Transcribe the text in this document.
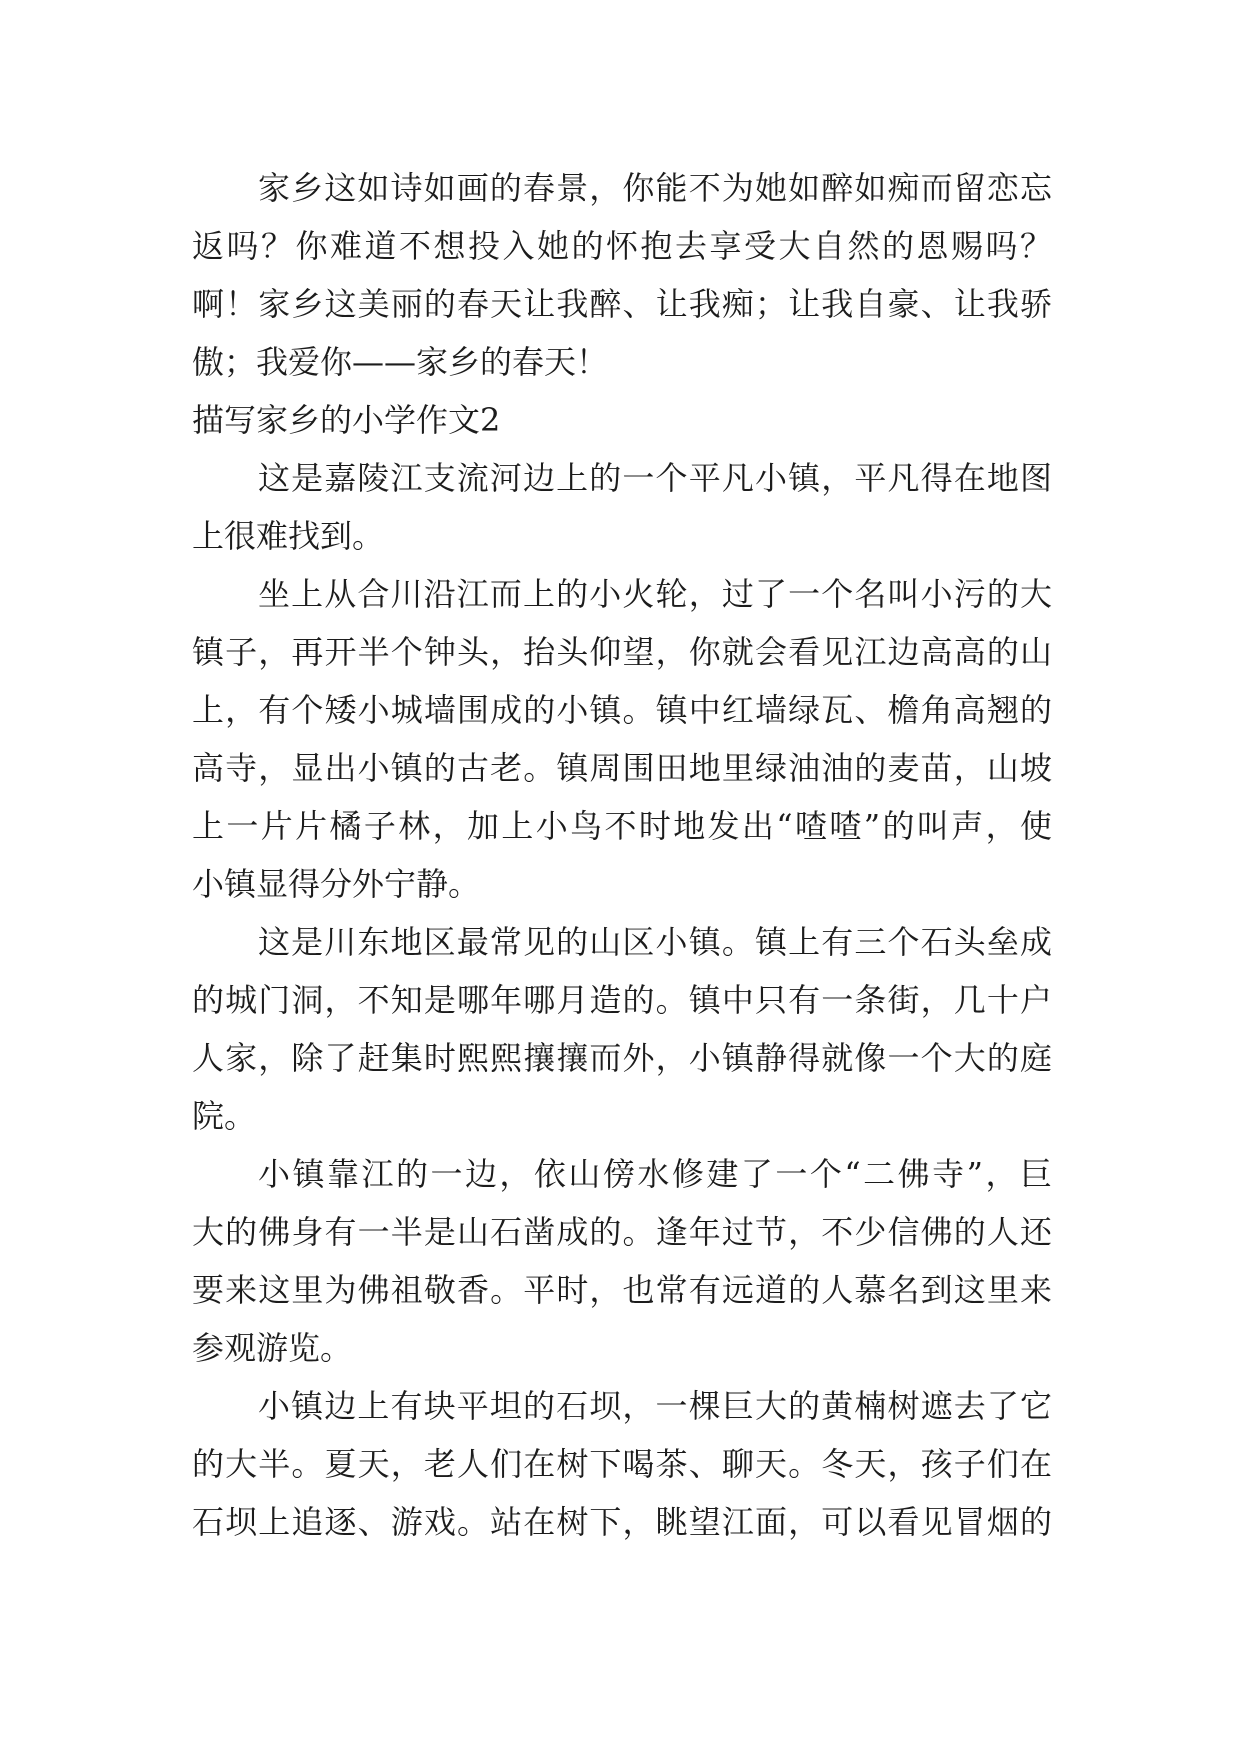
家乡这如诗如画的春景，你能不为她如醉如痴而留恋忘
返吗？你难道不想投入她的怀抱去享受大自然的恩赐吗？
啊！家乡这美丽的春天让我醉、让我痴；让我自豪、让我骄
傲；我爱你——家乡的春天！
描写家乡的小学作文2
这是嘉陵江支流河边上的一个平凡小镇，平凡得在地图
上很难找到。
坐上从合川沿江而上的小火轮，过了一个名叫小污的大
镇子，再开半个钟头，抬头仰望，你就会看见江边高高的山
上，有个矮小城墙围成的小镇。镇中红墙绿瓦、檐角高翘的
高寺，显出小镇的古老。镇周围田地里绿油油的麦苗，山坡
上一片片橘子林，加上小鸟不时地发出“喳喳”的叫声，使
小镇显得分外宁静。
这是川东地区最常见的山区小镇。镇上有三个石头垒成
的城门洞，不知是哪年哪月造的。镇中只有一条街，几十户
人家，除了赶集时熙熙攘攘而外，小镇静得就像一个大的庭
院。
小镇靠江的一边，依山傍水修建了一个“二佛寺”，巨
大的佛身有一半是山石凿成的。逢年过节，不少信佛的人还
要来这里为佛祖敬香。平时，也常有远道的人慕名到这里来
参观游览。
小镇边上有块平坦的石坝，一棵巨大的黄楠树遮去了它
的大半。夏天，老人们在树下喝茶、聊天。冬天，孩子们在
石坝上追逐、游戏。站在树下，眺望江面，可以看见冒烟的
